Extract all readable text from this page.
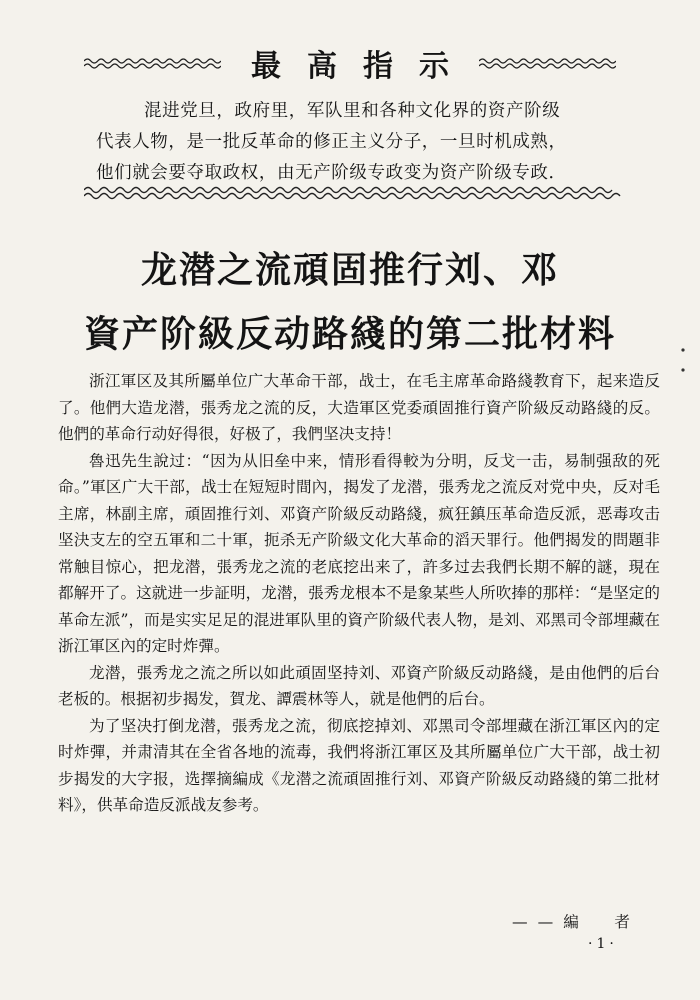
最高指示
混进党旦，政府里，军队里和各种文化界的资产阶级
代表人物，是一批反革命的修正主义分子，一旦时机成熟，
他们就会要夺取政权，由无产阶级专政变为资产阶级专政．
龙潜之流頑固推行刘、邓
資产阶級反动路綫的第二批材料

浙江軍区及其所屬单位广大革命干部，战士，在毛主席革命路綫教育下，起来造反了。他們大造龙潜，張秀龙之流的反，大造軍区党委頑固推行資产阶級反动路綫的反。他們的革命行动好得很，好极了，我們坚决支持！

魯迅先生說过：“因为从旧垒中来，情形看得較为分明，反戈一击，易制强敌的死命。”軍区广大干部，战士在短短时間內，揭发了龙潜，張秀龙之流反对党中央，反对毛主席，林副主席，頑固推行刘、邓資产阶級反动路綫，疯狂鎮压革命造反派，恶毒攻击坚決支左的空五軍和二十軍，扼杀无产阶級文化大革命的滔天罪行。他們揭发的問題非常触目惊心，把龙潜，張秀龙之流的老底挖出来了，許多过去我們长期不解的謎，現在都解开了。这就进一步証明，龙潜，張秀龙根本不是象某些人所吹捧的那样：“是坚定的革命左派”，而是实实足足的混进軍队里的資产阶級代表人物，是刘、邓黑司令部埋藏在浙江軍区內的定时炸彈。

龙潜，張秀龙之流之所以如此頑固坚持刘、邓資产阶級反动路綫，是由他們的后台老板的。根据初步揭发，賀龙、譚震林等人，就是他們的后台。

为了坚决打倒龙潜，張秀龙之流，彻底挖掉刘、邓黑司令部埋藏在浙江軍区內的定时炸彈，并肃清其在全省各地的流毒，我們将浙江軍区及其所屬单位广大干部，战士初步揭发的大字报，选擇摘編成《龙潜之流頑固推行刘、邓資产阶級反动路綫的第二批材料》，供革命造反派战友参考。

——編　者
·1·
